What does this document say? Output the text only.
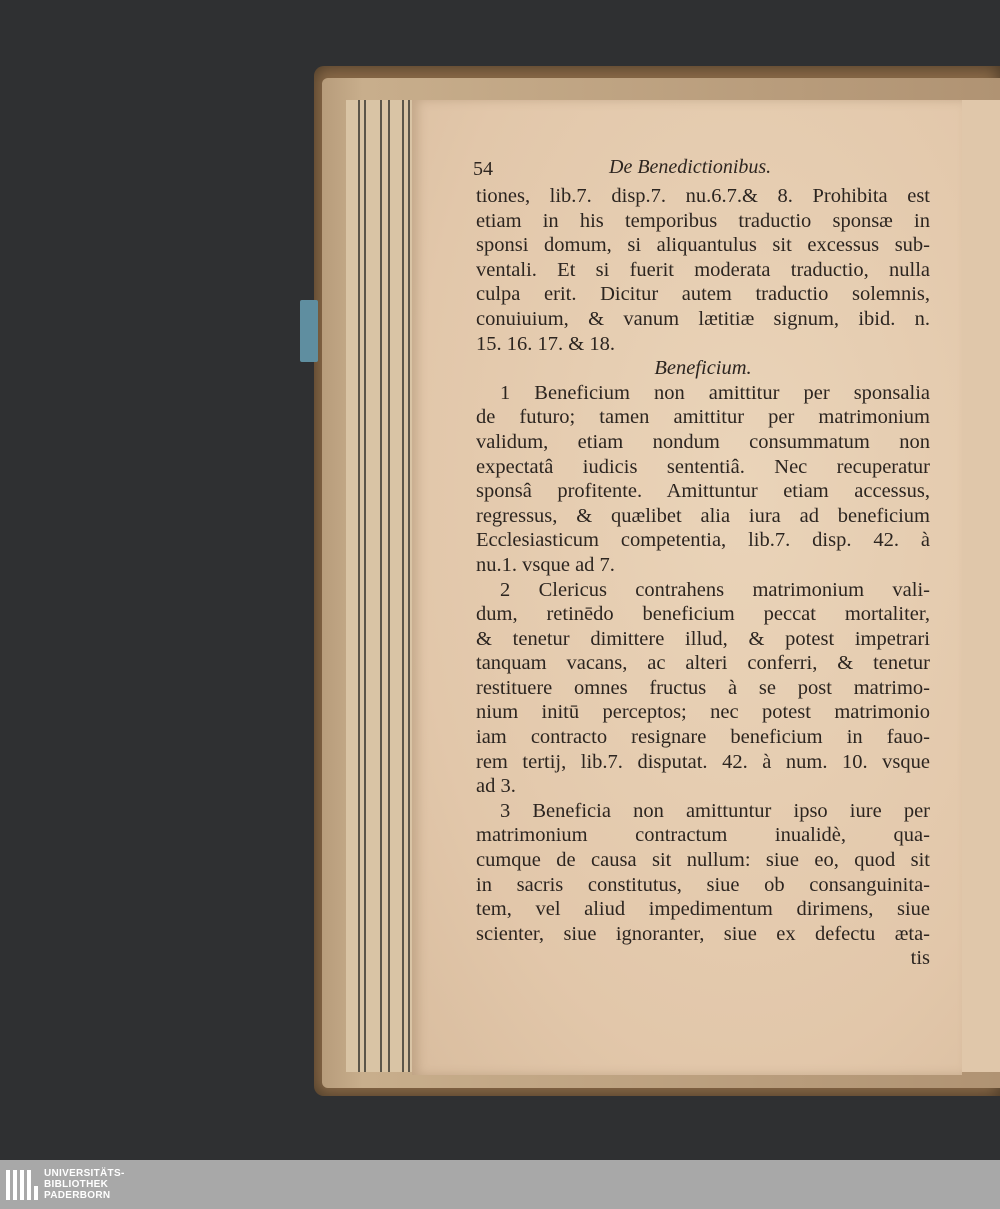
54	De Benedictionibus.
tiones, lib.7. disp.7. nu.6.7.& 8. Prohibita est
etiam in his temporibus traductio sponsæ in
sponsi domum, si aliquantulus sit excessus sub-
ventali. Et si fuerit moderata traductio, nulla
culpa erit. Dicitur autem traductio solemnis,
conuiuium, & vanum lætitiæ signum, ibid. n.
15. 16. 17. & 18.
Beneficium.
1 Beneficium non amittitur per sponsalia
de futuro; tamen amittitur per matrimonium
validum, etiam nondum consummatum non
expectatâ iudicis sententiâ. Nec recuperatur
sponsâ profitente. Amittuntur etiam accessus,
regressus, & quælibet alia iura ad beneficium
Ecclesiasticum competentia, lib.7. disp. 42. à
nu.1. vsque ad 7.
2 Clericus contrahens matrimonium vali-
dum, retinēdo beneficium peccat mortaliter,
& tenetur dimittere illud, & potest impetrari
tanquam vacans, ac alteri conferri, & tenetur
restituere omnes fructus à se post matrimo-
nium initū perceptos; nec potest matrimonio
iam contracto resignare beneficium in fauo-
rem tertij, lib.7. disputat. 42. à num. 10. vsque
ad 3.
3 Beneficia non amittuntur ipso iure per
matrimonium contractum inualidè, qua-
cumque de causa sit nullum: siue eo, quod sit
in sacris constitutus, siue ob consanguinita-
tem, vel aliud impedimentum dirimens, siue
scienter, siue ignoranter, siue ex defectu æta-
tis
UNIVERSITÄTS-
BIBLIOTHEK
PADERBORN
